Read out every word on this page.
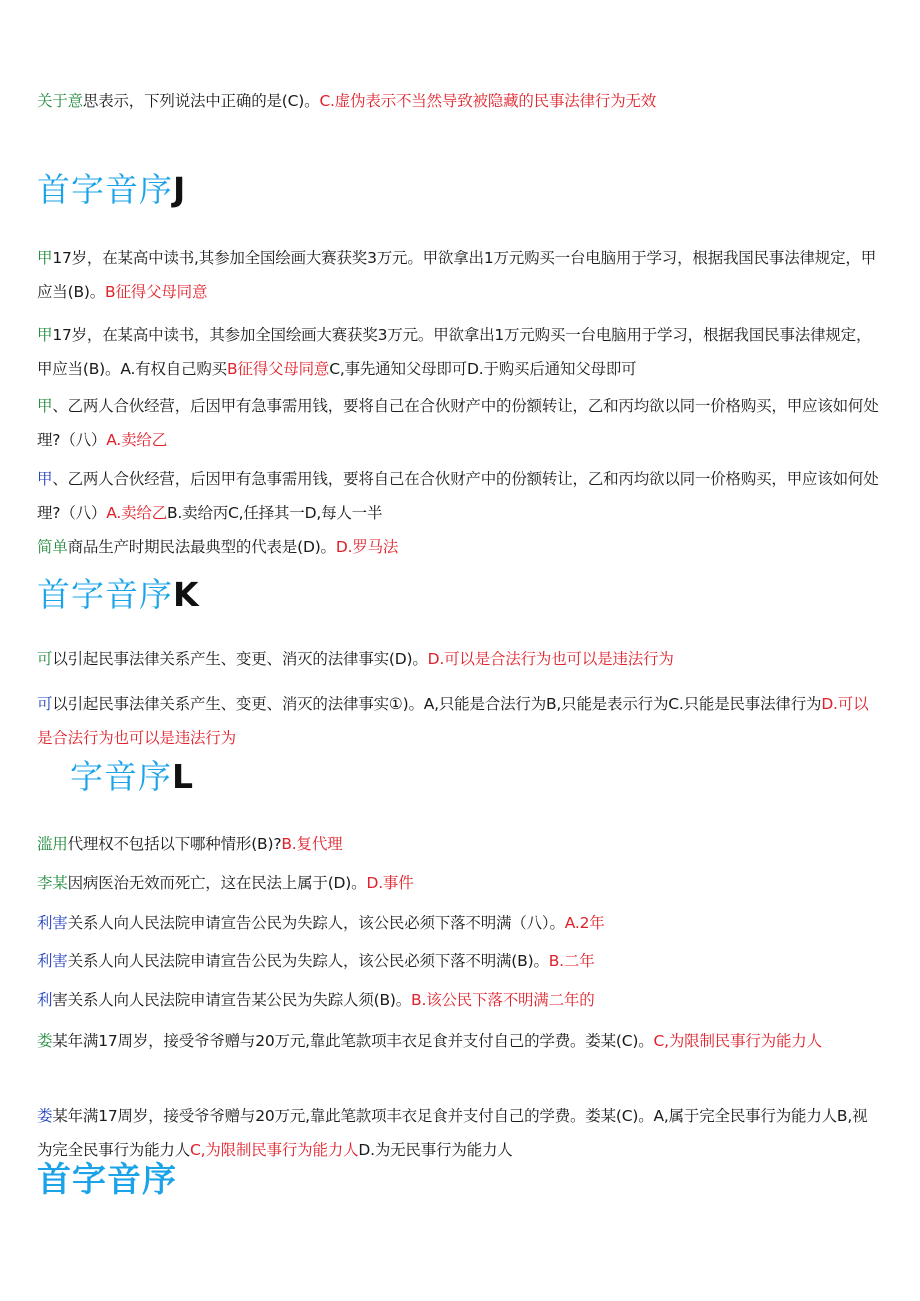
关于意思表示，下列说法中正确的是(C)。C.虚伪表示不当然导致被隐藏的民事法律行为无效

首字音序J

甲17岁，在某高中读书,其参加全国绘画大赛获奖3万元。甲欲拿出1万元购买一台电脑用于学习，根据我国民事法律规定，甲应当(B)。B征得父母同意

甲17岁，在某高中读书，其参加全国绘画大赛获奖3万元。甲欲拿出1万元购买一台电脑用于学习，根据我国民事法律规定，甲应当(B)。A.有权自己购买B征得父母同意C,事先通知父母即可D.于购买后通知父母即可

甲、乙两人合伙经营，后因甲有急事需用钱，要将自己在合伙财产中的份额转让，乙和丙均欲以同一价格购买，甲应该如何处理?（八）A.卖给乙

甲、乙两人合伙经营，后因甲有急事需用钱，要将自己在合伙财产中的份额转让，乙和丙均欲以同一价格购买，甲应该如何处理?（八）A.卖给乙B.卖给丙C,任择其一D,每人一半

简单商品生产时期民法最典型的代表是(D)。D.罗马法

首字音序K

可以引起民事法律关系产生、变更、消灭的法律事实(D)。D.可以是合法行为也可以是违法行为

可以引起民事法律关系产生、变更、消灭的法律事实①)。A,只能是合法行为B,只能是表示行为C.只能是民事法律行为D.可以是合法行为也可以是违法行为

字音序L

滥用代理权不包括以下哪种情形(B)?B.复代理

李某因病医治无效而死亡，这在民法上属于(D)。D.事件

利害关系人向人民法院申请宣告公民为失踪人，该公民必须下落不明满（八）。A.2年

利害关系人向人民法院申请宣告公民为失踪人，该公民必须下落不明满(B)。B.二年

利害关系人向人民法院申请宣告某公民为失踪人须(B)。B.该公民下落不明满二年的

娄某年满17周岁，接受爷爷赠与20万元,靠此笔款项丰衣足食并支付自己的学费。娄某(C)。C,为限制民事行为能力人

娄某年满17周岁，接受爷爷赠与20万元,靠此笔款项丰衣足食并支付自己的学费。娄某(C)。A,属于完全民事行为能力人B,视为完全民事行为能力人C,为限制民事行为能力人D.为无民事行为能力人

首字音序
